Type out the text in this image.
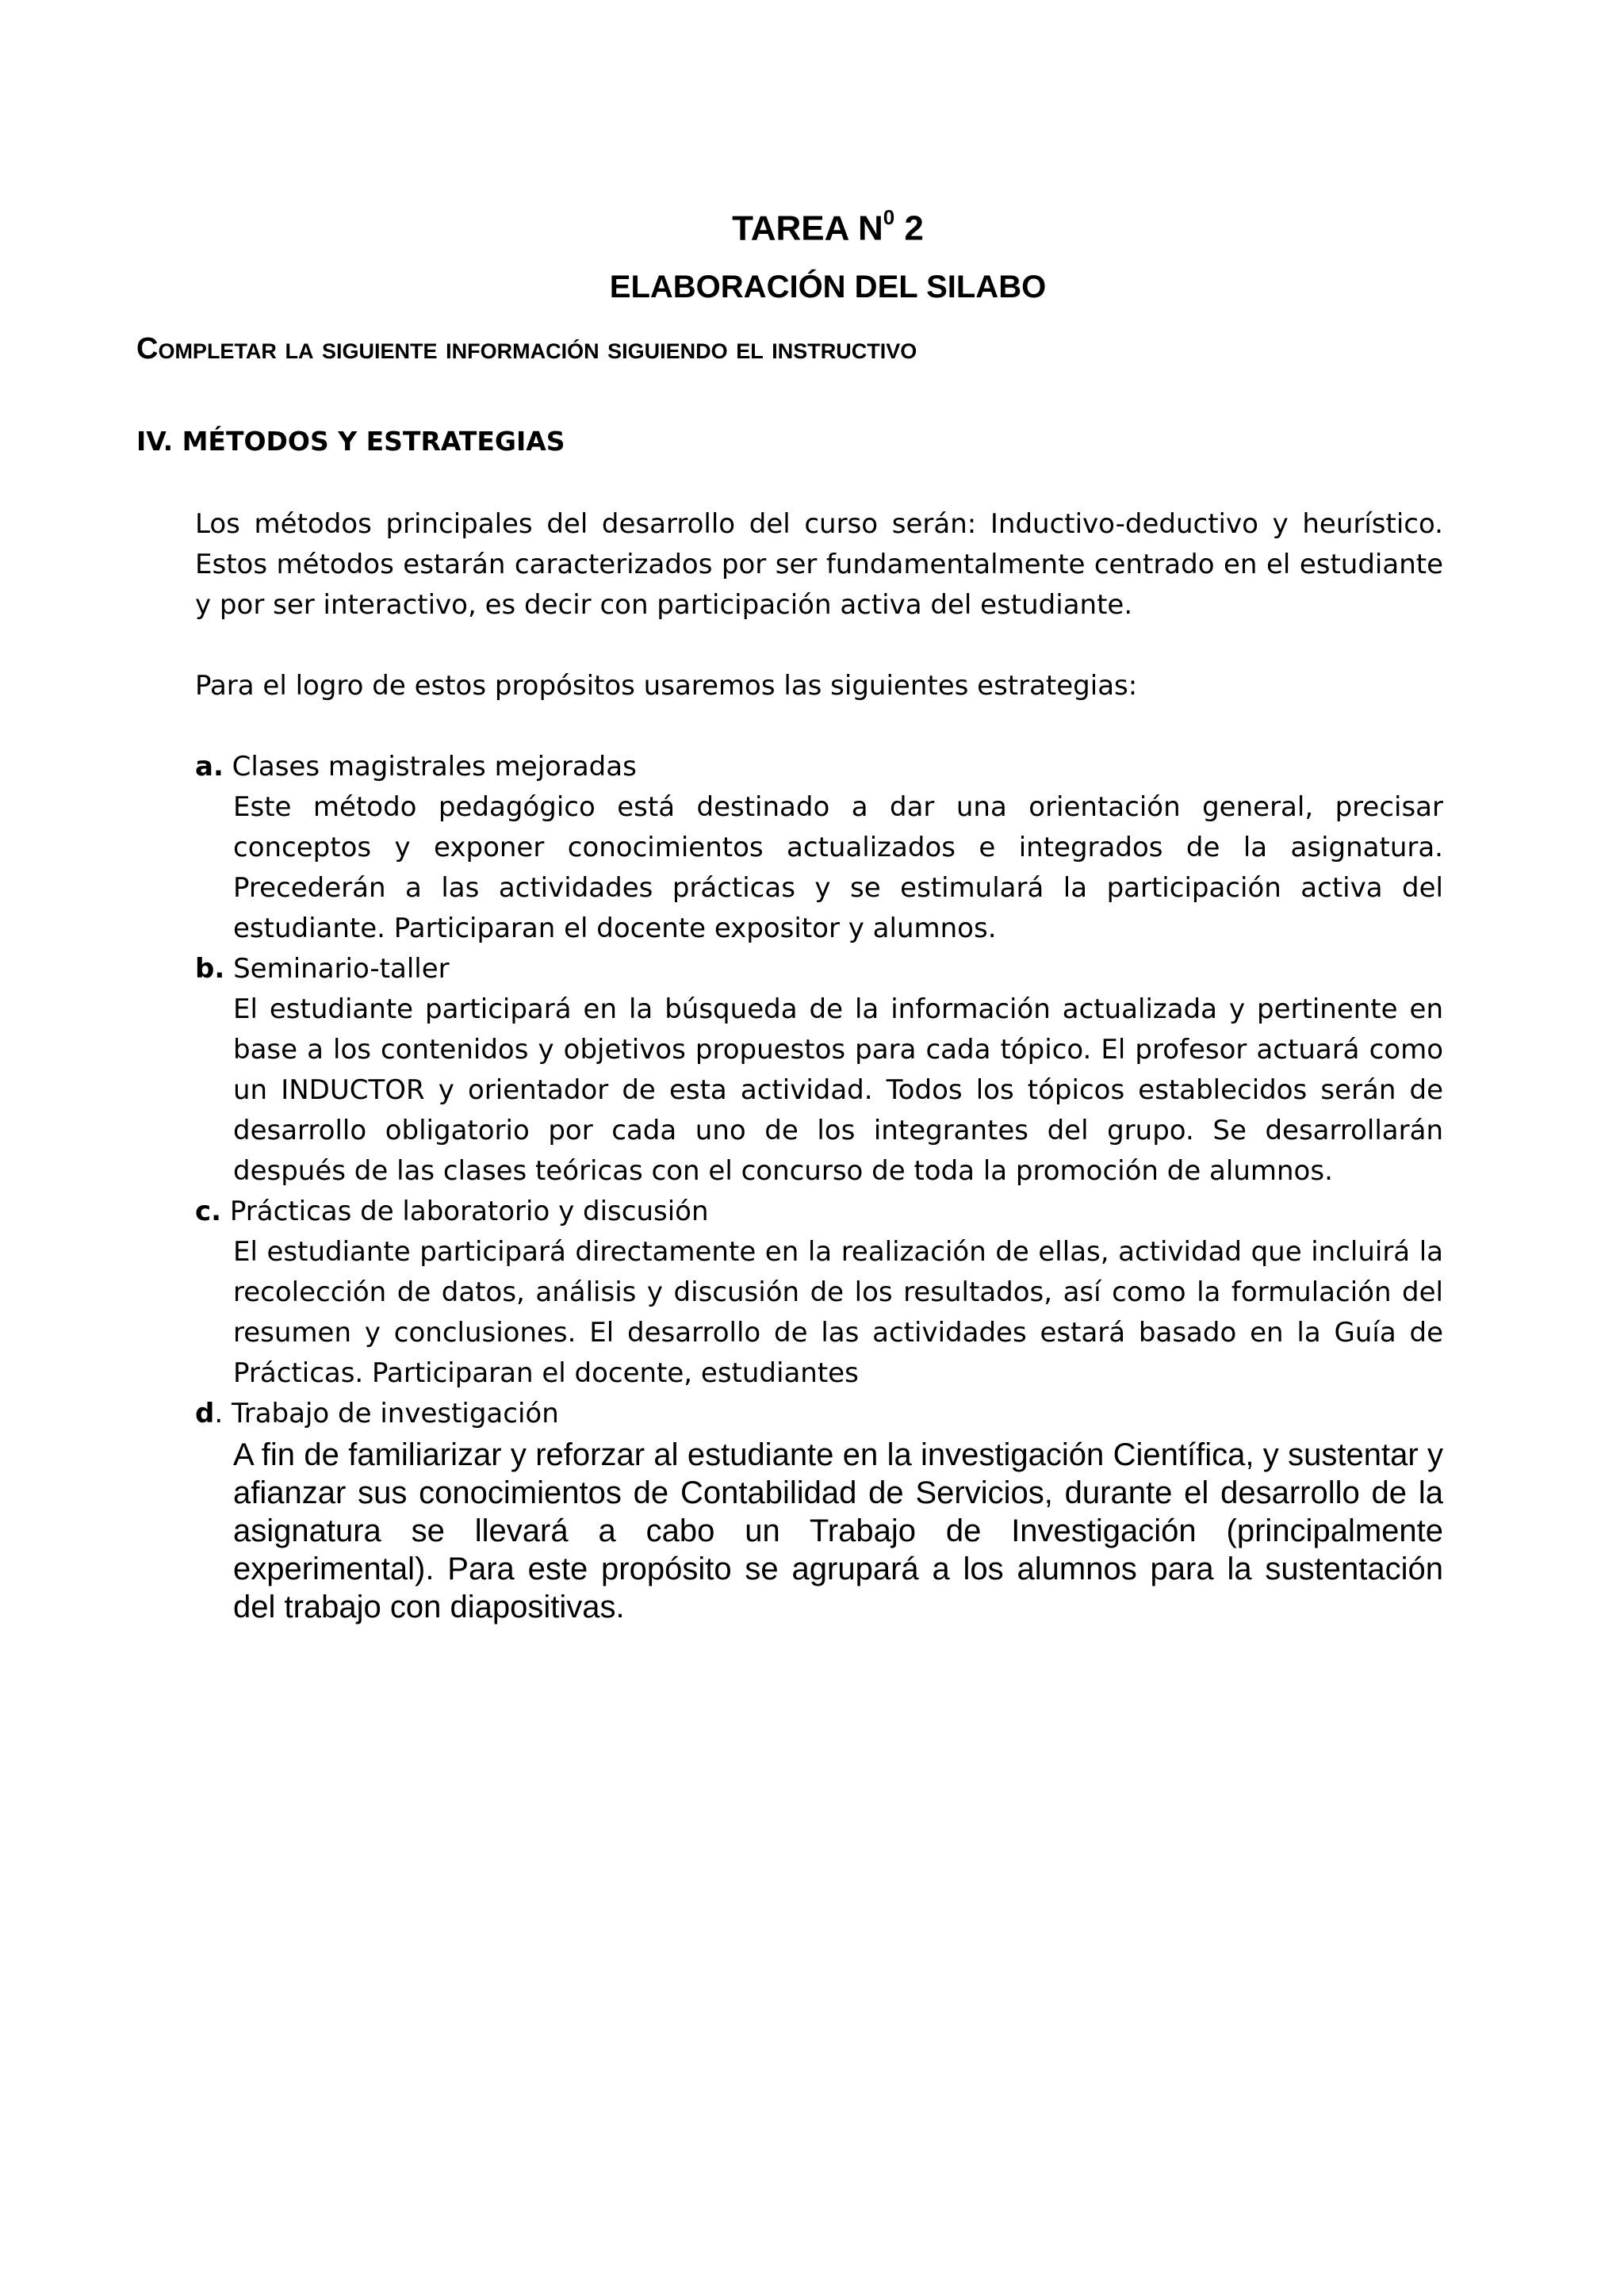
TAREA $N^0$ 2
ELABORACIÓN DEL SILABO
Completar la siguiente información siguiendo el instructivo
IV. MÉTODOS Y ESTRATEGIAS
Los métodos principales del desarrollo del curso serán: Inductivo-deductivo y heurístico. Estos métodos estarán caracterizados por ser fundamentalmente centrado en el estudiante y por ser interactivo, es decir con participación activa del estudiante.
Para el logro de estos propósitos usaremos las siguientes estrategias:
a. Clases magistrales mejoradas
Este método pedagógico está destinado a dar una orientación general, precisar conceptos y exponer conocimientos actualizados e integrados de la asignatura. Precederán a las actividades prácticas y se estimulará la participación activa del estudiante. Participaran el docente expositor y alumnos.
b. Seminario-taller
El estudiante participará en la búsqueda de la información actualizada y pertinente en base a los contenidos y objetivos propuestos para cada tópico. El profesor actuará como un INDUCTOR y orientador de esta actividad. Todos los tópicos establecidos serán de desarrollo obligatorio por cada uno de los integrantes del grupo. Se desarrollarán después de las clases teóricas con el concurso de toda la promoción de alumnos.
c. Prácticas de laboratorio y discusión
El estudiante participará directamente en la realización de ellas, actividad que incluirá la recolección de datos, análisis y discusión de los resultados, así como la formulación del resumen y conclusiones. El desarrollo de las actividades estará basado en la Guía de Prácticas. Participaran el docente, estudiantes
d. Trabajo de investigación
A fin de familiarizar y reforzar al estudiante en la investigación Científica, y sustentar y afianzar sus conocimientos de Contabilidad de Servicios, durante el desarrollo de la asignatura se llevará a cabo un Trabajo de Investigación (principalmente experimental). Para este propósito se agrupará a los alumnos para la sustentación del trabajo con diapositivas.
